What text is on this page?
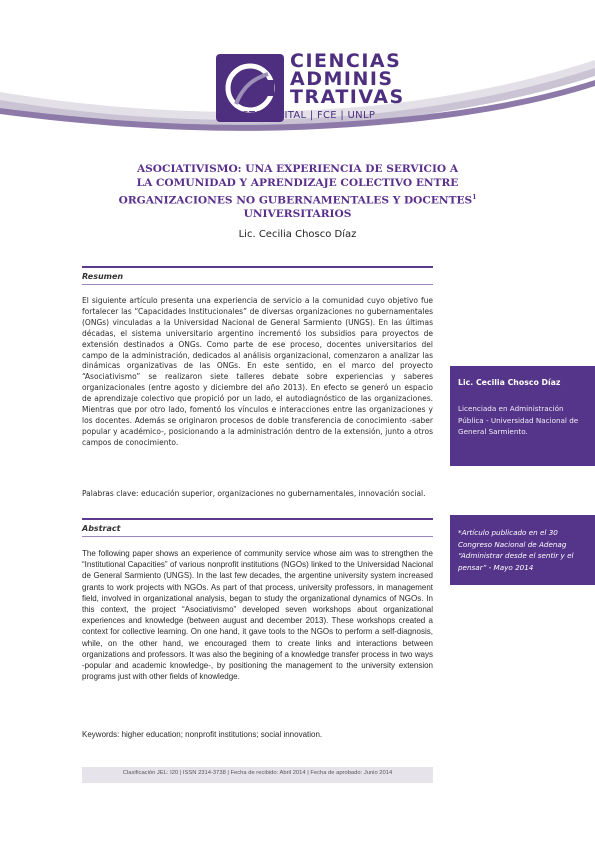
CIENCIAS
ADMINIS
TRATIVAS
REVISTA DIGITAL | FCE | UNLP
ASOCIATIVISMO: UNA EXPERIENCIA DE SERVICIO A
LA COMUNIDAD Y APRENDIZAJE COLECTIVO ENTRE
ORGANIZACIONES NO GUBERNAMENTALES Y DOCENTES$^1$
UNIVERSITARIOS
Lic. Cecilia Chosco Díaz
Resumen
El siguiente artículo presenta una experiencia de servicio a la comunidad cuyo objetivo fue fortalecer las “Capacidades Institucionales” de diversas organizaciones no gubernamentales (ONGs) vinculadas a la Universidad Nacional de General Sarmiento (UNGS). En las últimas décadas, el sistema universitario argentino incrementó los subsidios para proyectos de extensión destinados a ONGs. Como parte de ese proceso, docentes universitarios del campo de la administración, dedicados al análisis organizacional, comenzaron a analizar las dinámicas organizativas de las ONGs. En este sentido, en el marco del proyecto “Asociativismo” se realizaron siete talleres debate sobre experiencias y saberes organizacionales (entre agosto y diciembre del año 2013). En efecto se generó un espacio de aprendizaje colectivo que propició por un lado, el autodiagnóstico de las organizaciones. Mientras que por otro lado, fomentó los vínculos e interacciones entre las organizaciones y los docentes. Además se originaron procesos de doble transferencia de conocimiento -saber popular y académico-, posicionando a la administración dentro de la extensión, junto a otros campos de conocimiento.
Palabras clave: educación superior, organizaciones no gubernamentales, innovación social.
Abstract
The following paper shows an experience of community service whose aim was to strengthen the “Institutional Capacities” of various nonprofit institutions (NGOs) linked to the Universidad Nacional de General Sarmiento (UNGS). In the last few decades, the argentine university system increased grants to work projects with NGOs. As part of that process, university professors, in management field, involved in organizational analysis, began to study the organizational dynamics of NGOs. In this context, the project “Asociativismo” developed seven workshops about organizational experiences and knowledge (between august and december 2013). These workshops created a context for collective learning. On one hand, it gave tools to the NGOs to perform a self-diagnosis, while, on the other hand, we encouraged them to create links and interactions between organizations and professors. It was also the begining of a knowledge transfer process in two ways -popular and academic knowledge-, by positioning the management to the university extension programs just with other fields of knowledge.
Keywords: higher education; nonprofit institutions; social innovation.
Lic. Cecilia Chosco Díaz
Licenciada en Administración Pública - Universidad Nacional de General Sarmiento.
*Artículo publicado en el 30 Congreso Nacional de Adenag “Administrar desde el sentir y el pensar” - Mayo 2014
Clasificación JEL: I20 | ISSN 2314-3738 | Fecha de recibido: Abril 2014 | Fecha de aprobado: Junio 2014
